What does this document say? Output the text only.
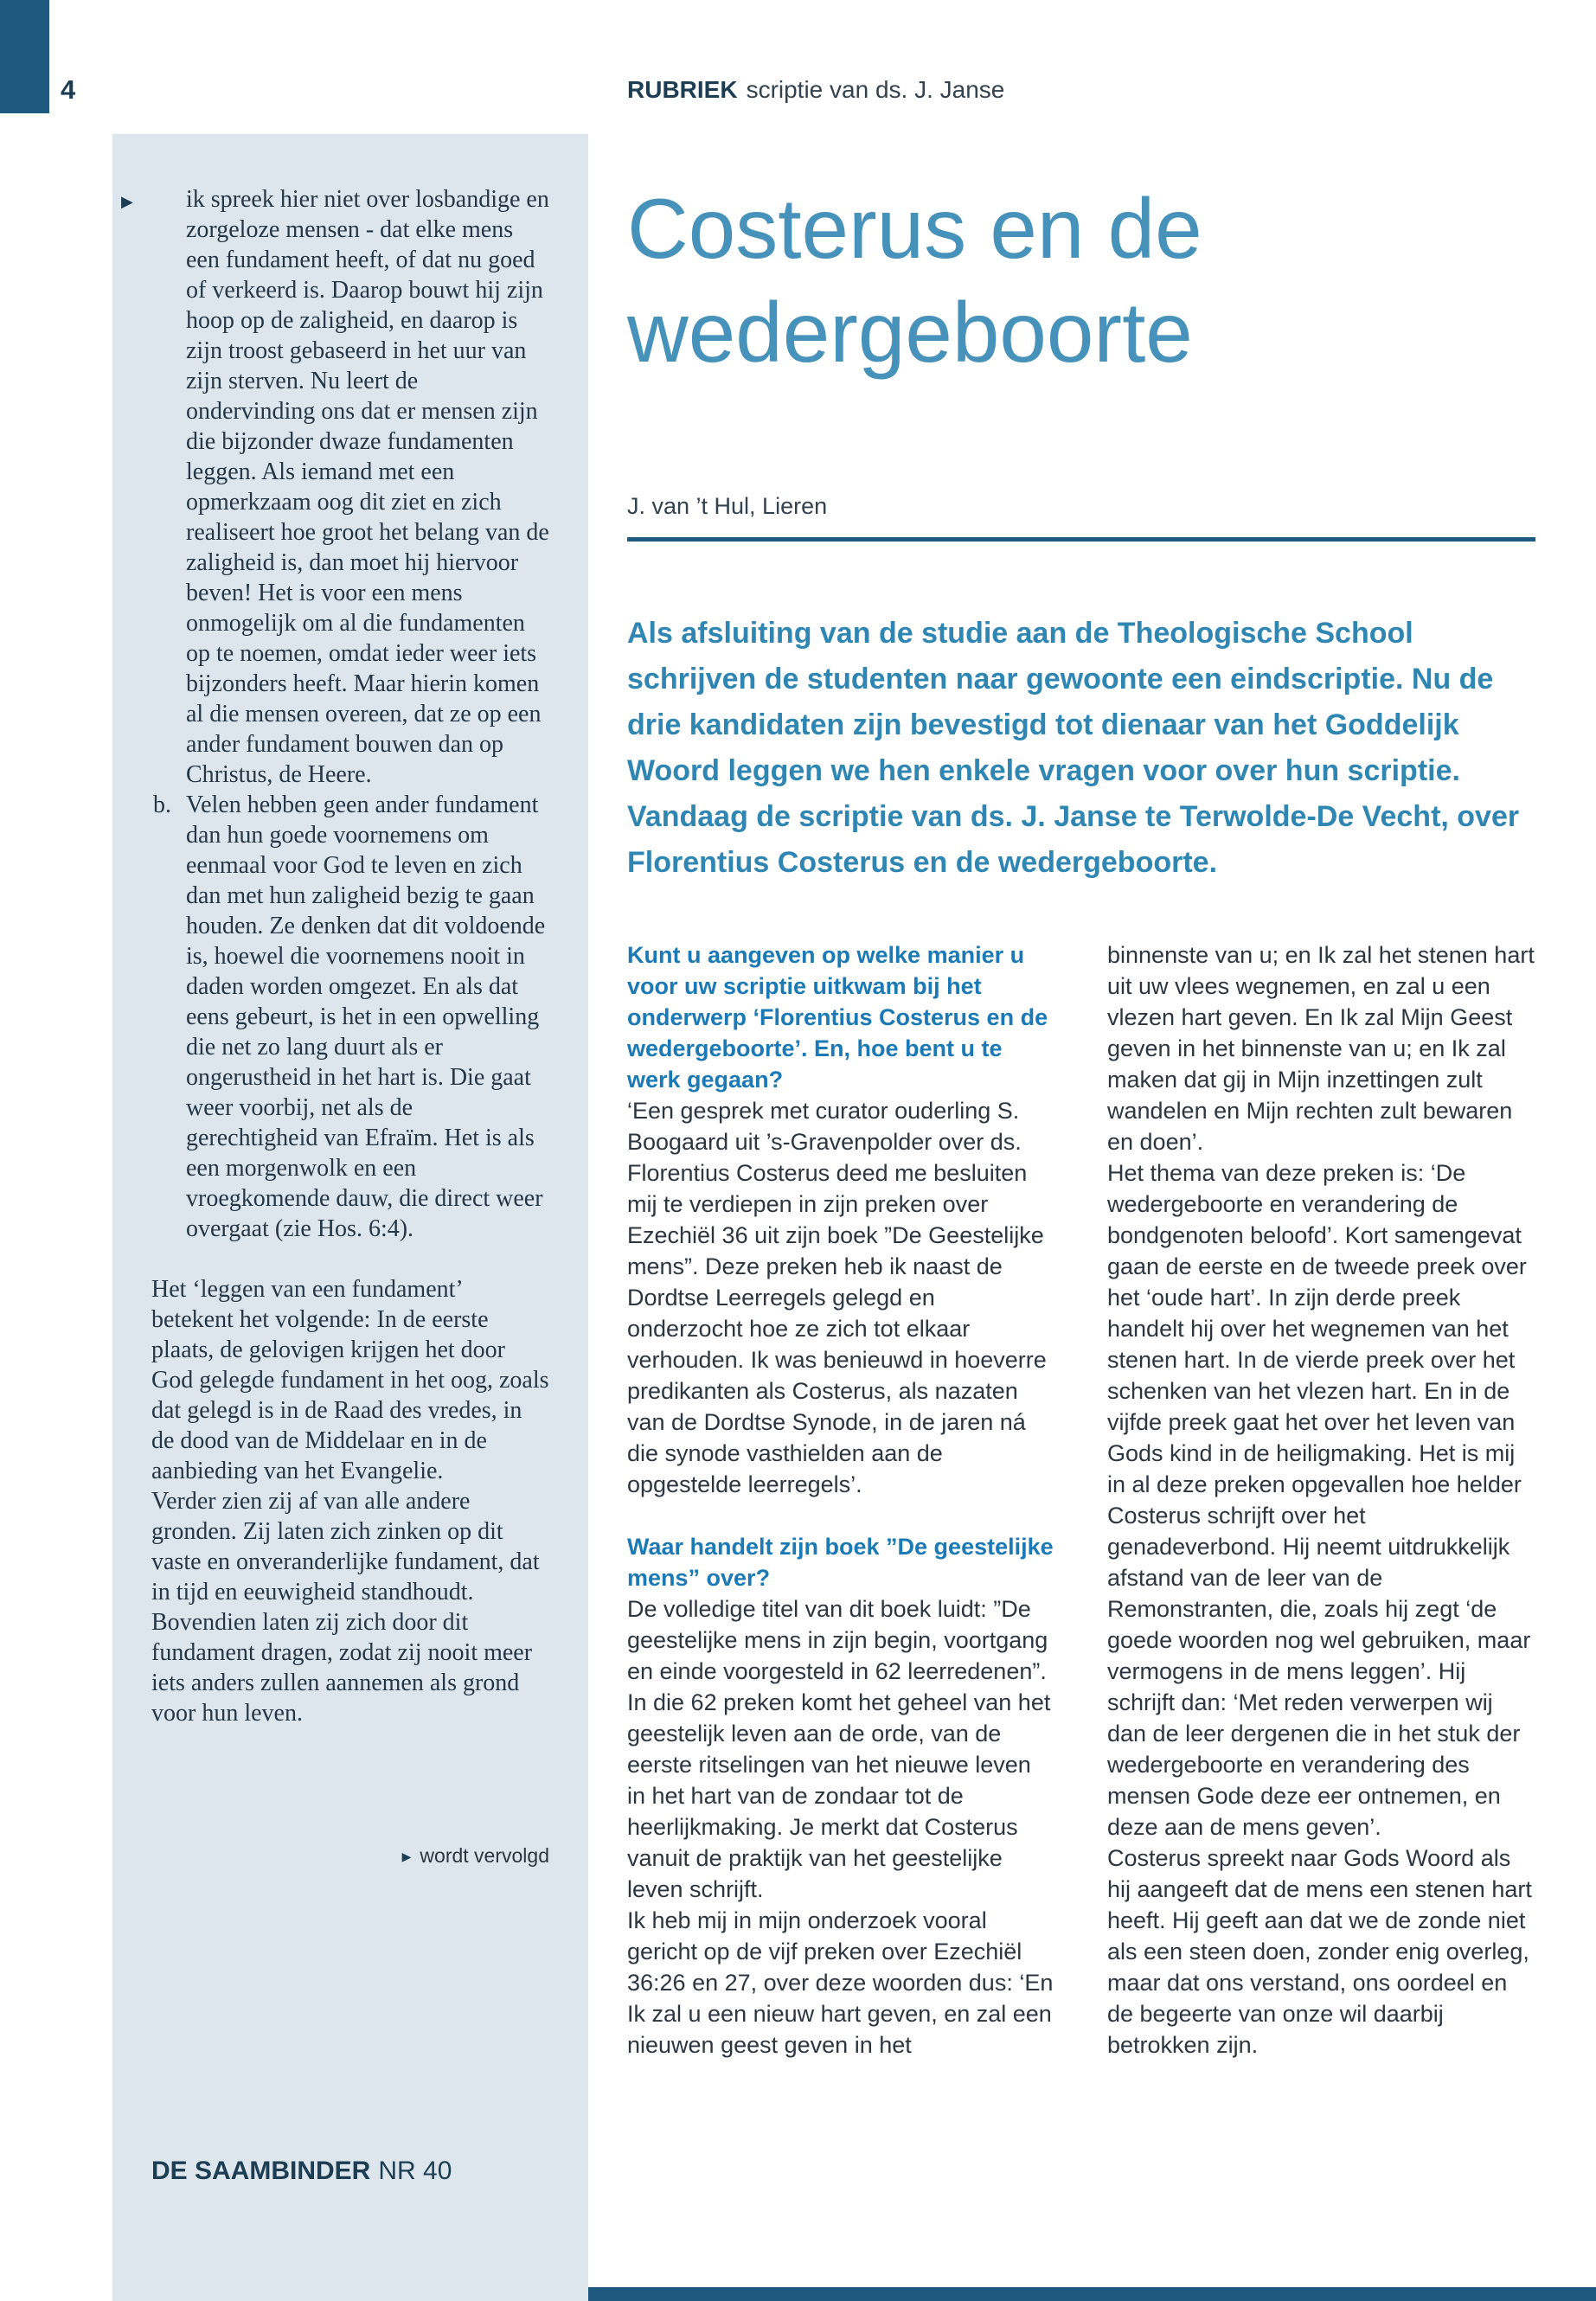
4	RUBRIEK scriptie van ds. J. Janse
▶ ik spreek hier niet over losbandige en zorgeloze mensen - dat elke mens een fundament heeft, of dat nu goed of verkeerd is. Daarop bouwt hij zijn hoop op de zaligheid, en daarop is zijn troost gebaseerd in het uur van zijn sterven. Nu leert de ondervinding ons dat er mensen zijn die bijzonder dwaze fundamenten leggen. Als iemand met een opmerkzaam oog dit ziet en zich realiseert hoe groot het belang van de zaligheid is, dan moet hij hiervoor beven! Het is voor een mens onmogelijk om al die fundamenten op te noemen, omdat ieder weer iets bijzonders heeft. Maar hierin komen al die mensen overeen, dat ze op een ander fundament bouwen dan op Christus, de Heere.
b. Velen hebben geen ander fundament dan hun goede voornemens om eenmaal voor God te leven en zich dan met hun zaligheid bezig te gaan houden. Ze denken dat dit voldoende is, hoewel die voornemens nooit in daden worden omgezet. En als dat eens gebeurt, is het in een opwelling die net zo lang duurt als er ongerustheid in het hart is. Die gaat weer voorbij, net als de gerechtigheid van Efraïm. Het is als een morgenwolk en een vroegkomende dauw, die direct weer overgaat (zie Hos. 6:4).

Het ‘leggen van een fundament’ betekent het volgende: In de eerste plaats, de gelovigen krijgen het door God gelegde fundament in het oog, zoals dat gelegd is in de Raad des vredes, in de dood van de Middelaar en in de aanbieding van het Evangelie.

Verder zien zij af van alle andere gronden. Zij laten zich zinken op dit vaste en onveranderlijke fundament, dat in tijd en eeuwigheid standhoudt. Bovendien laten zij zich door dit fundament dragen, zodat zij nooit meer iets anders zullen aannemen als grond voor hun leven.

▶ wordt vervolgd
DE SAAMBINDER NR 40
Costerus en de
wedergeboorte
J. van ’t Hul, Lieren

Als afsluiting van de studie aan de Theologische School schrijven de studenten naar gewoonte een eindscriptie. Nu de drie kandidaten zijn bevestigd tot dienaar van het Goddelijk Woord leggen we hen enkele vragen voor over hun scriptie. Vandaag de scriptie van ds. J. Janse te Terwolde-De Vecht, over Florentius Costerus en de wedergeboorte.

Kunt u aangeven op welke manier u voor uw scriptie uitkwam bij het onderwerp ‘Florentius Costerus en de wedergeboorte’. En, hoe bent u te werk gegaan?

‘Een gesprek met curator ouderling S. Boogaard uit ’s-Gravenpolder over ds. Florentius Costerus deed me besluiten mij te verdiepen in zijn preken over Ezechiël 36 uit zijn boek ”De Geestelijke mens”. Deze preken heb ik naast de Dordtse Leerregels gelegd en onderzocht hoe ze zich tot elkaar verhouden. Ik was benieuwd in hoeverre predikanten als Costerus, als nazaten van de Dordtse Synode, in de jaren ná die synode vasthielden aan de opgestelde leerregels’.

Waar handelt zijn boek ”De geestelijke mens” over?

De volledige titel van dit boek luidt: ”De geestelijke mens in zijn begin, voortgang en einde voorgesteld in 62 leerredenen”. In die 62 preken komt het geheel van het geestelijk leven aan de orde, van de eerste ritselingen van het nieuwe leven in het hart van de zondaar tot de heerlijkmaking. Je merkt dat Costerus vanuit de praktijk van het geestelijke leven schrijft.

Ik heb mij in mijn onderzoek vooral gericht op de vijf preken over Ezechiël 36:26 en 27, over deze woorden dus: ‘En Ik zal u een nieuw hart geven, en zal een nieuwen geest geven in het

binnenste van u; en Ik zal het stenen hart uit uw vlees wegnemen, en zal u een vlezen hart geven. En Ik zal Mijn Geest geven in het binnenste van u; en Ik zal maken dat gij in Mijn inzettingen zult wandelen en Mijn rechten zult bewaren en doen’.

Het thema van deze preken is: ‘De wedergeboorte en verandering de bondgenoten beloofd’. Kort samengevat gaan de eerste en de tweede preek over het ‘oude hart’. In zijn derde preek handelt hij over het wegnemen van het stenen hart. In de vierde preek over het schenken van het vlezen hart. En in de vijfde preek gaat het over het leven van Gods kind in de heiligmaking. Het is mij in al deze preken opgevallen hoe helder Costerus schrijft over het genadeverbond. Hij neemt uitdrukkelijk afstand van de leer van de Remonstranten, die, zoals hij zegt ‘de goede woorden nog wel gebruiken, maar vermogens in de mens leggen’. Hij schrijft dan: ‘Met reden verwerpen wij dan de leer dergenen die in het stuk der wedergeboorte en verandering des mensen Gode deze eer ontnemen, en deze aan de mens geven’.

Costerus spreekt naar Gods Woord als hij aangeeft dat de mens een stenen hart heeft. Hij geeft aan dat we de zonde niet als een steen doen, zonder enig overleg, maar dat ons verstand, ons oordeel en de begeerte van onze wil daarbij betrokken zijn.
